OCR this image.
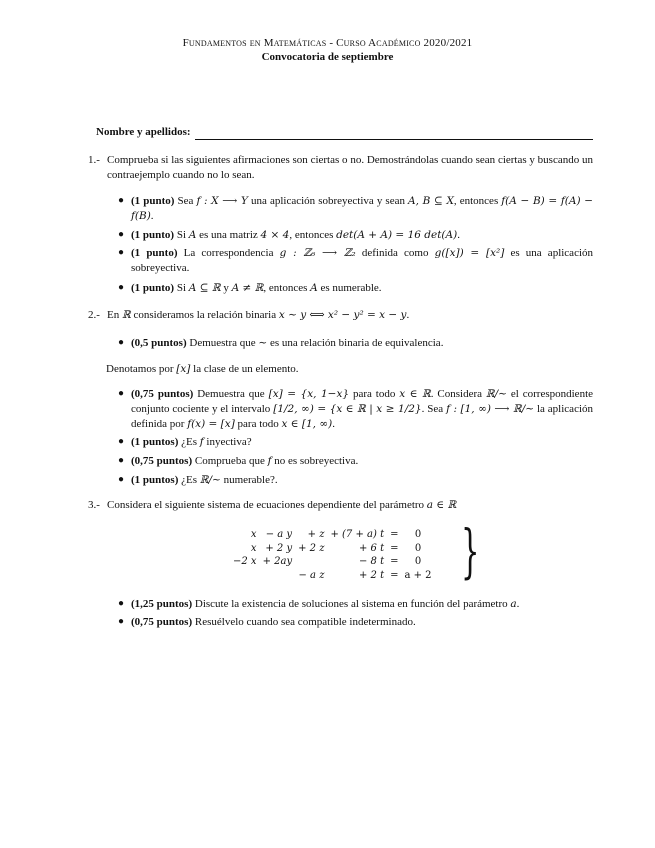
Fundamentos en Matemáticas - Curso Académico 2020/2021
Convocatoria de septiembre
Nombre y apellidos:
1.- Comprueba si las siguientes afirmaciones son ciertas o no. Demostrándolas cuando sean ciertas y buscando un contraejemplo cuando no lo sean.
● (1 punto) Sea f : X ⟶ Y una aplicación sobreyectiva y sean A, B ⊆ X, entonces f(A − B) = f(A) − f(B).
● (1 punto) Si A es una matriz 4 × 4, entonces det(A + A) = 16 det(A).
● (1 punto) La correspondencia g : ℤ₆ ⟶ ℤ₂ definida como g([x]) = [x²] es una aplicación sobreyectiva.
● (1 punto) Si A ⊆ ℝ y A ≠ ℝ, entonces A es numerable.
2.- En ℝ consideramos la relación binaria x ∼ y ⟺ x² − y² = x − y.
● (0,5 puntos) Demuestra que ∼ es una relación binaria de equivalencia.
Denotamos por [x] la clase de un elemento.
● (0,75 puntos) Demuestra que [x] = {x, 1−x} para todo x ∈ ℝ. Considera ℝ/∼ el correspondiente conjunto cociente y el intervalo [1/2, ∞) = {x ∈ ℝ | x ≥ 1/2}. Sea f : [1, ∞) ⟶ ℝ/∼ la aplicación definida por f(x) = [x] para todo x ∈ [1, ∞).
● (1 puntos) ¿Es f inyectiva?
● (0,75 puntos) Comprueba que f no es sobreyectiva.
● (1 puntos) ¿Es ℝ/∼ numerable?.
3.- Considera el siguiente sistema de ecuaciones dependiente del parámetro a ∈ ℝ
x	− a y	+ z	+ (7 + a) t	=	0
x	+ 2 y	+ 2 z	+ 6 t	=	0
−2 x	+ 2ay		− 8 t	=	0
		− a z	+ 2 t	=	a + 2 }
● (1,25 puntos) Discute la existencia de soluciones al sistema en función del parámetro a.
● (0,75 puntos) Resuélvelo cuando sea compatible indeterminado.
